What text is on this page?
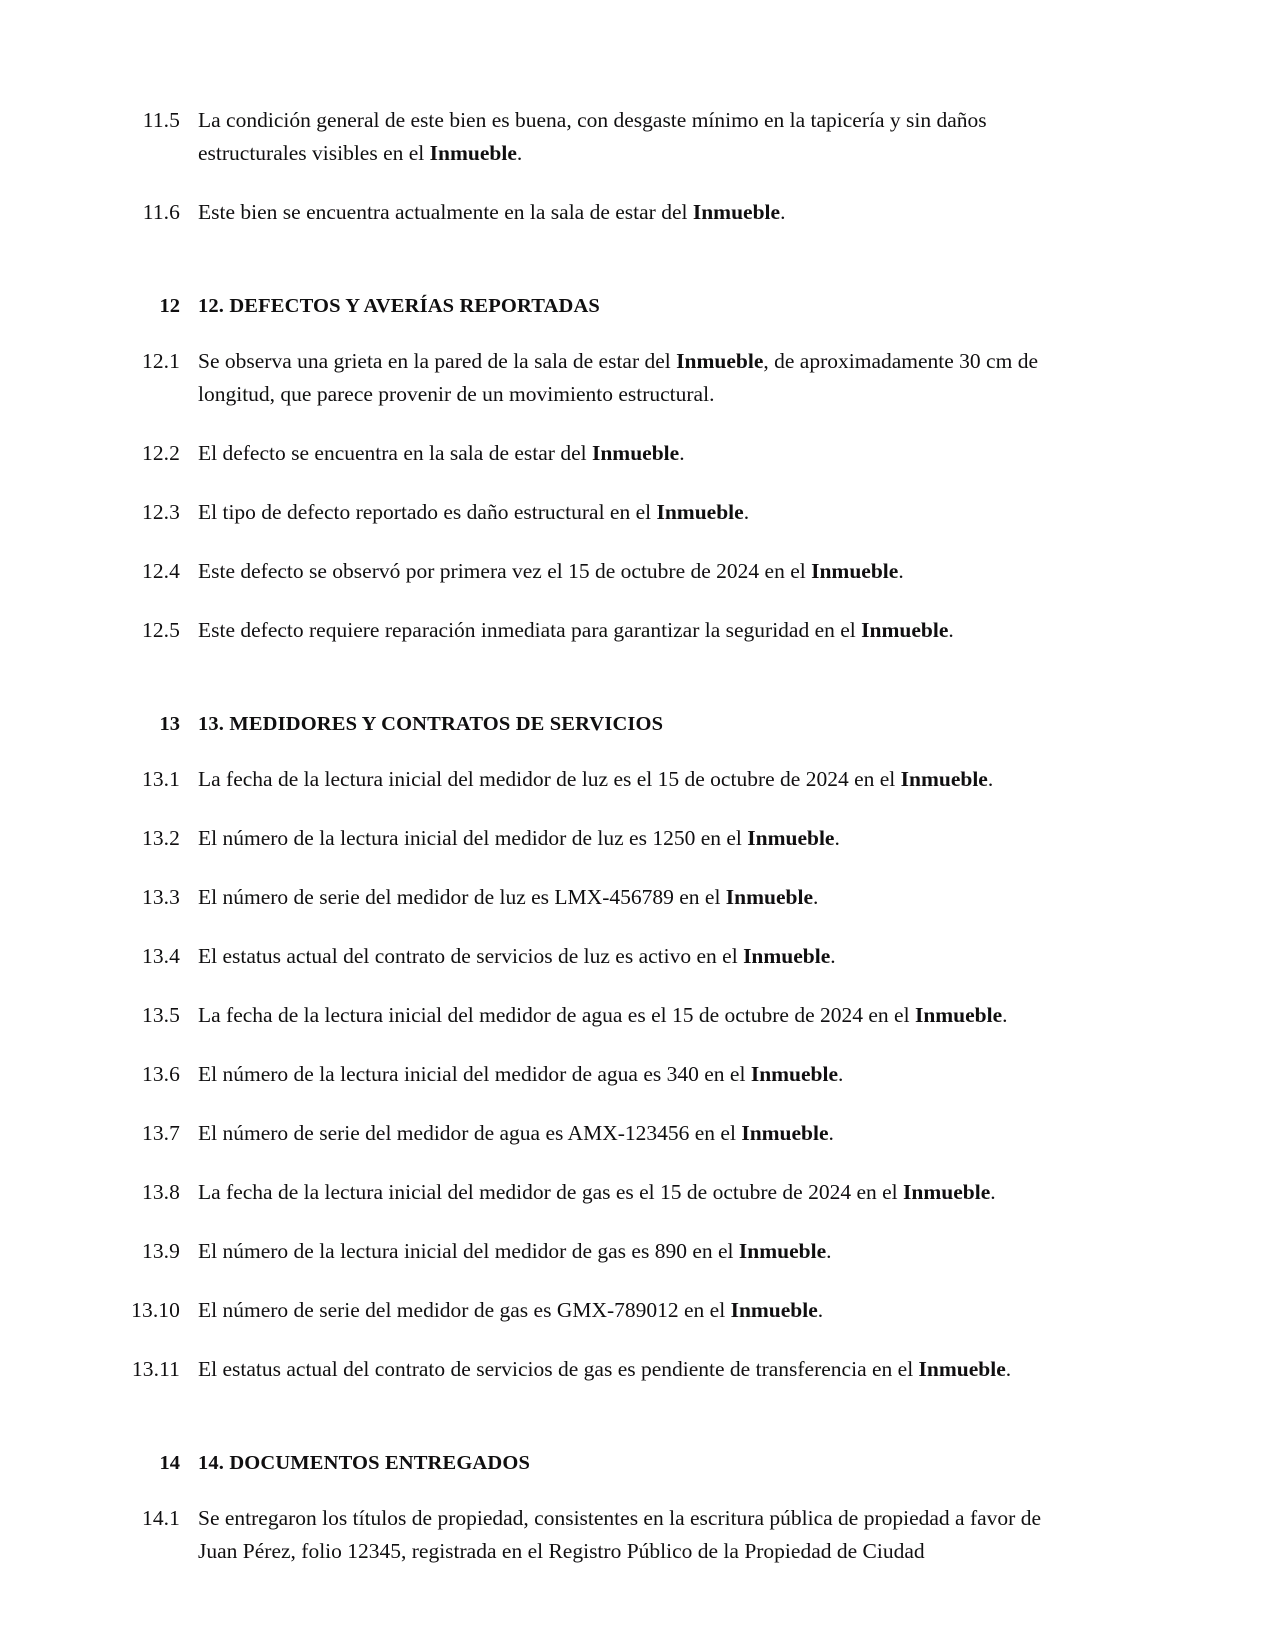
11.5 La condición general de este bien es buena, con desgaste mínimo en la tapicería y sin daños estructurales visibles en el Inmueble.
11.6 Este bien se encuentra actualmente en la sala de estar del Inmueble.
12 12. DEFECTOS Y AVERÍAS REPORTADAS
12.1 Se observa una grieta en la pared de la sala de estar del Inmueble, de aproximadamente 30 cm de longitud, que parece provenir de un movimiento estructural.
12.2 El defecto se encuentra en la sala de estar del Inmueble.
12.3 El tipo de defecto reportado es daño estructural en el Inmueble.
12.4 Este defecto se observó por primera vez el 15 de octubre de 2024 en el Inmueble.
12.5 Este defecto requiere reparación inmediata para garantizar la seguridad en el Inmueble.
13 13. MEDIDORES Y CONTRATOS DE SERVICIOS
13.1 La fecha de la lectura inicial del medidor de luz es el 15 de octubre de 2024 en el Inmueble.
13.2 El número de la lectura inicial del medidor de luz es 1250 en el Inmueble.
13.3 El número de serie del medidor de luz es LMX-456789 en el Inmueble.
13.4 El estatus actual del contrato de servicios de luz es activo en el Inmueble.
13.5 La fecha de la lectura inicial del medidor de agua es el 15 de octubre de 2024 en el Inmueble.
13.6 El número de la lectura inicial del medidor de agua es 340 en el Inmueble.
13.7 El número de serie del medidor de agua es AMX-123456 en el Inmueble.
13.8 La fecha de la lectura inicial del medidor de gas es el 15 de octubre de 2024 en el Inmueble.
13.9 El número de la lectura inicial del medidor de gas es 890 en el Inmueble.
13.10 El número de serie del medidor de gas es GMX-789012 en el Inmueble.
13.11 El estatus actual del contrato de servicios de gas es pendiente de transferencia en el Inmueble.
14 14. DOCUMENTOS ENTREGADOS
14.1 Se entregaron los títulos de propiedad, consistentes en la escritura pública de propiedad a favor de Juan Pérez, folio 12345, registrada en el Registro Público de la Propiedad de Ciudad
